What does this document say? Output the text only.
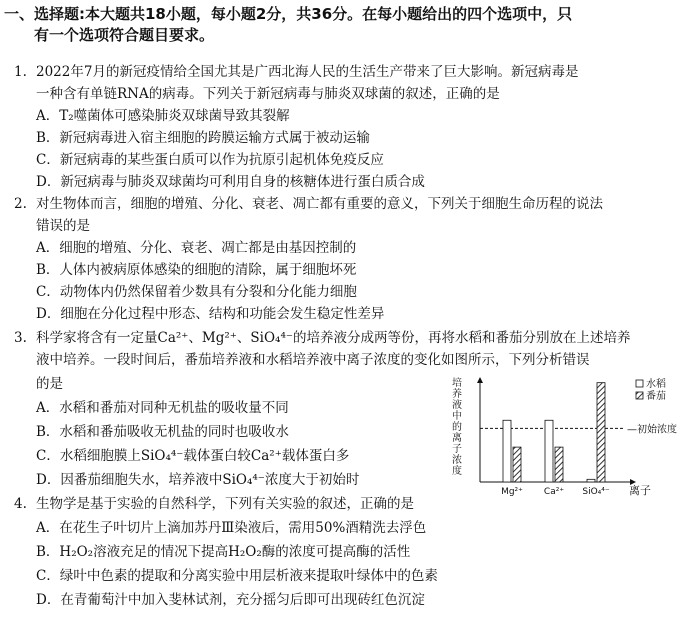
一、选择题:本大题共18小题，每小题2分，共36分。在每小题给出的四个选项中，只
有一个选项符合题目要求。
1. 2022年7月的新冠疫情给全国尤其是广西北海人民的生活生产带来了巨大影响。新冠病毒是
一种含有单链RNA的病毒。下列关于新冠病毒与肺炎双球菌的叙述，正确的是
A．T₂噬菌体可感染肺炎双球菌导致其裂解
B．新冠病毒进入宿主细胞的跨膜运输方式属于被动运输
C．新冠病毒的某些蛋白质可以作为抗原引起机体免疫反应
D．新冠病毒与肺炎双球菌均可利用自身的核糖体进行蛋白质合成
2. 对生物体而言，细胞的增殖、分化、衰老、凋亡都有重要的意义，下列关于细胞生命历程的说法
错误的是
A．细胞的增殖、分化、衰老、凋亡都是由基因控制的
B．人体内被病原体感染的细胞的清除，属于细胞坏死
C．动物体内仍然保留着少数具有分裂和分化能力细胞
D．细胞在分化过程中形态、结构和功能会发生稳定性差异
3. 科学家将含有一定量Ca²⁺、Mg²⁺、SiO₄⁴⁻的培养液分成两等份，再将水稻和番茄分别放在上述培养
液中培养。一段时间后，番茄培养液和水稻培养液中离子浓度的变化如图所示，下列分析错误
的是
A．水稻和番茄对同种无机盐的吸收量不同
B．水稻和番茄吸收无机盐的同时也吸收水
C．水稻细胞膜上SiO₄⁴⁻载体蛋白较Ca²⁺载体蛋白多
D．因番茄细胞失水，培养液中SiO₄⁴⁻浓度大于初始时
4. 生物学是基于实验的自然科学，下列有关实验的叙述，正确的是
A．在花生子叶切片上滴加苏丹Ⅲ染液后，需用50%酒精洗去浮色
B．H₂O₂溶液充足的情况下提高H₂O₂酶的浓度可提高酶的活性
C．绿叶中色素的提取和分离实验中用层析液来提取叶绿体中的色素
D．在青葡萄汁中加入斐林试剂，充分摇匀后即可出现砖红色沉淀
培
养
液
中
的
离
子
浓
度
—初始浓度
Mg²⁺ Ca²⁺ SiO₄⁴⁻ 离子
水稻
番茄
